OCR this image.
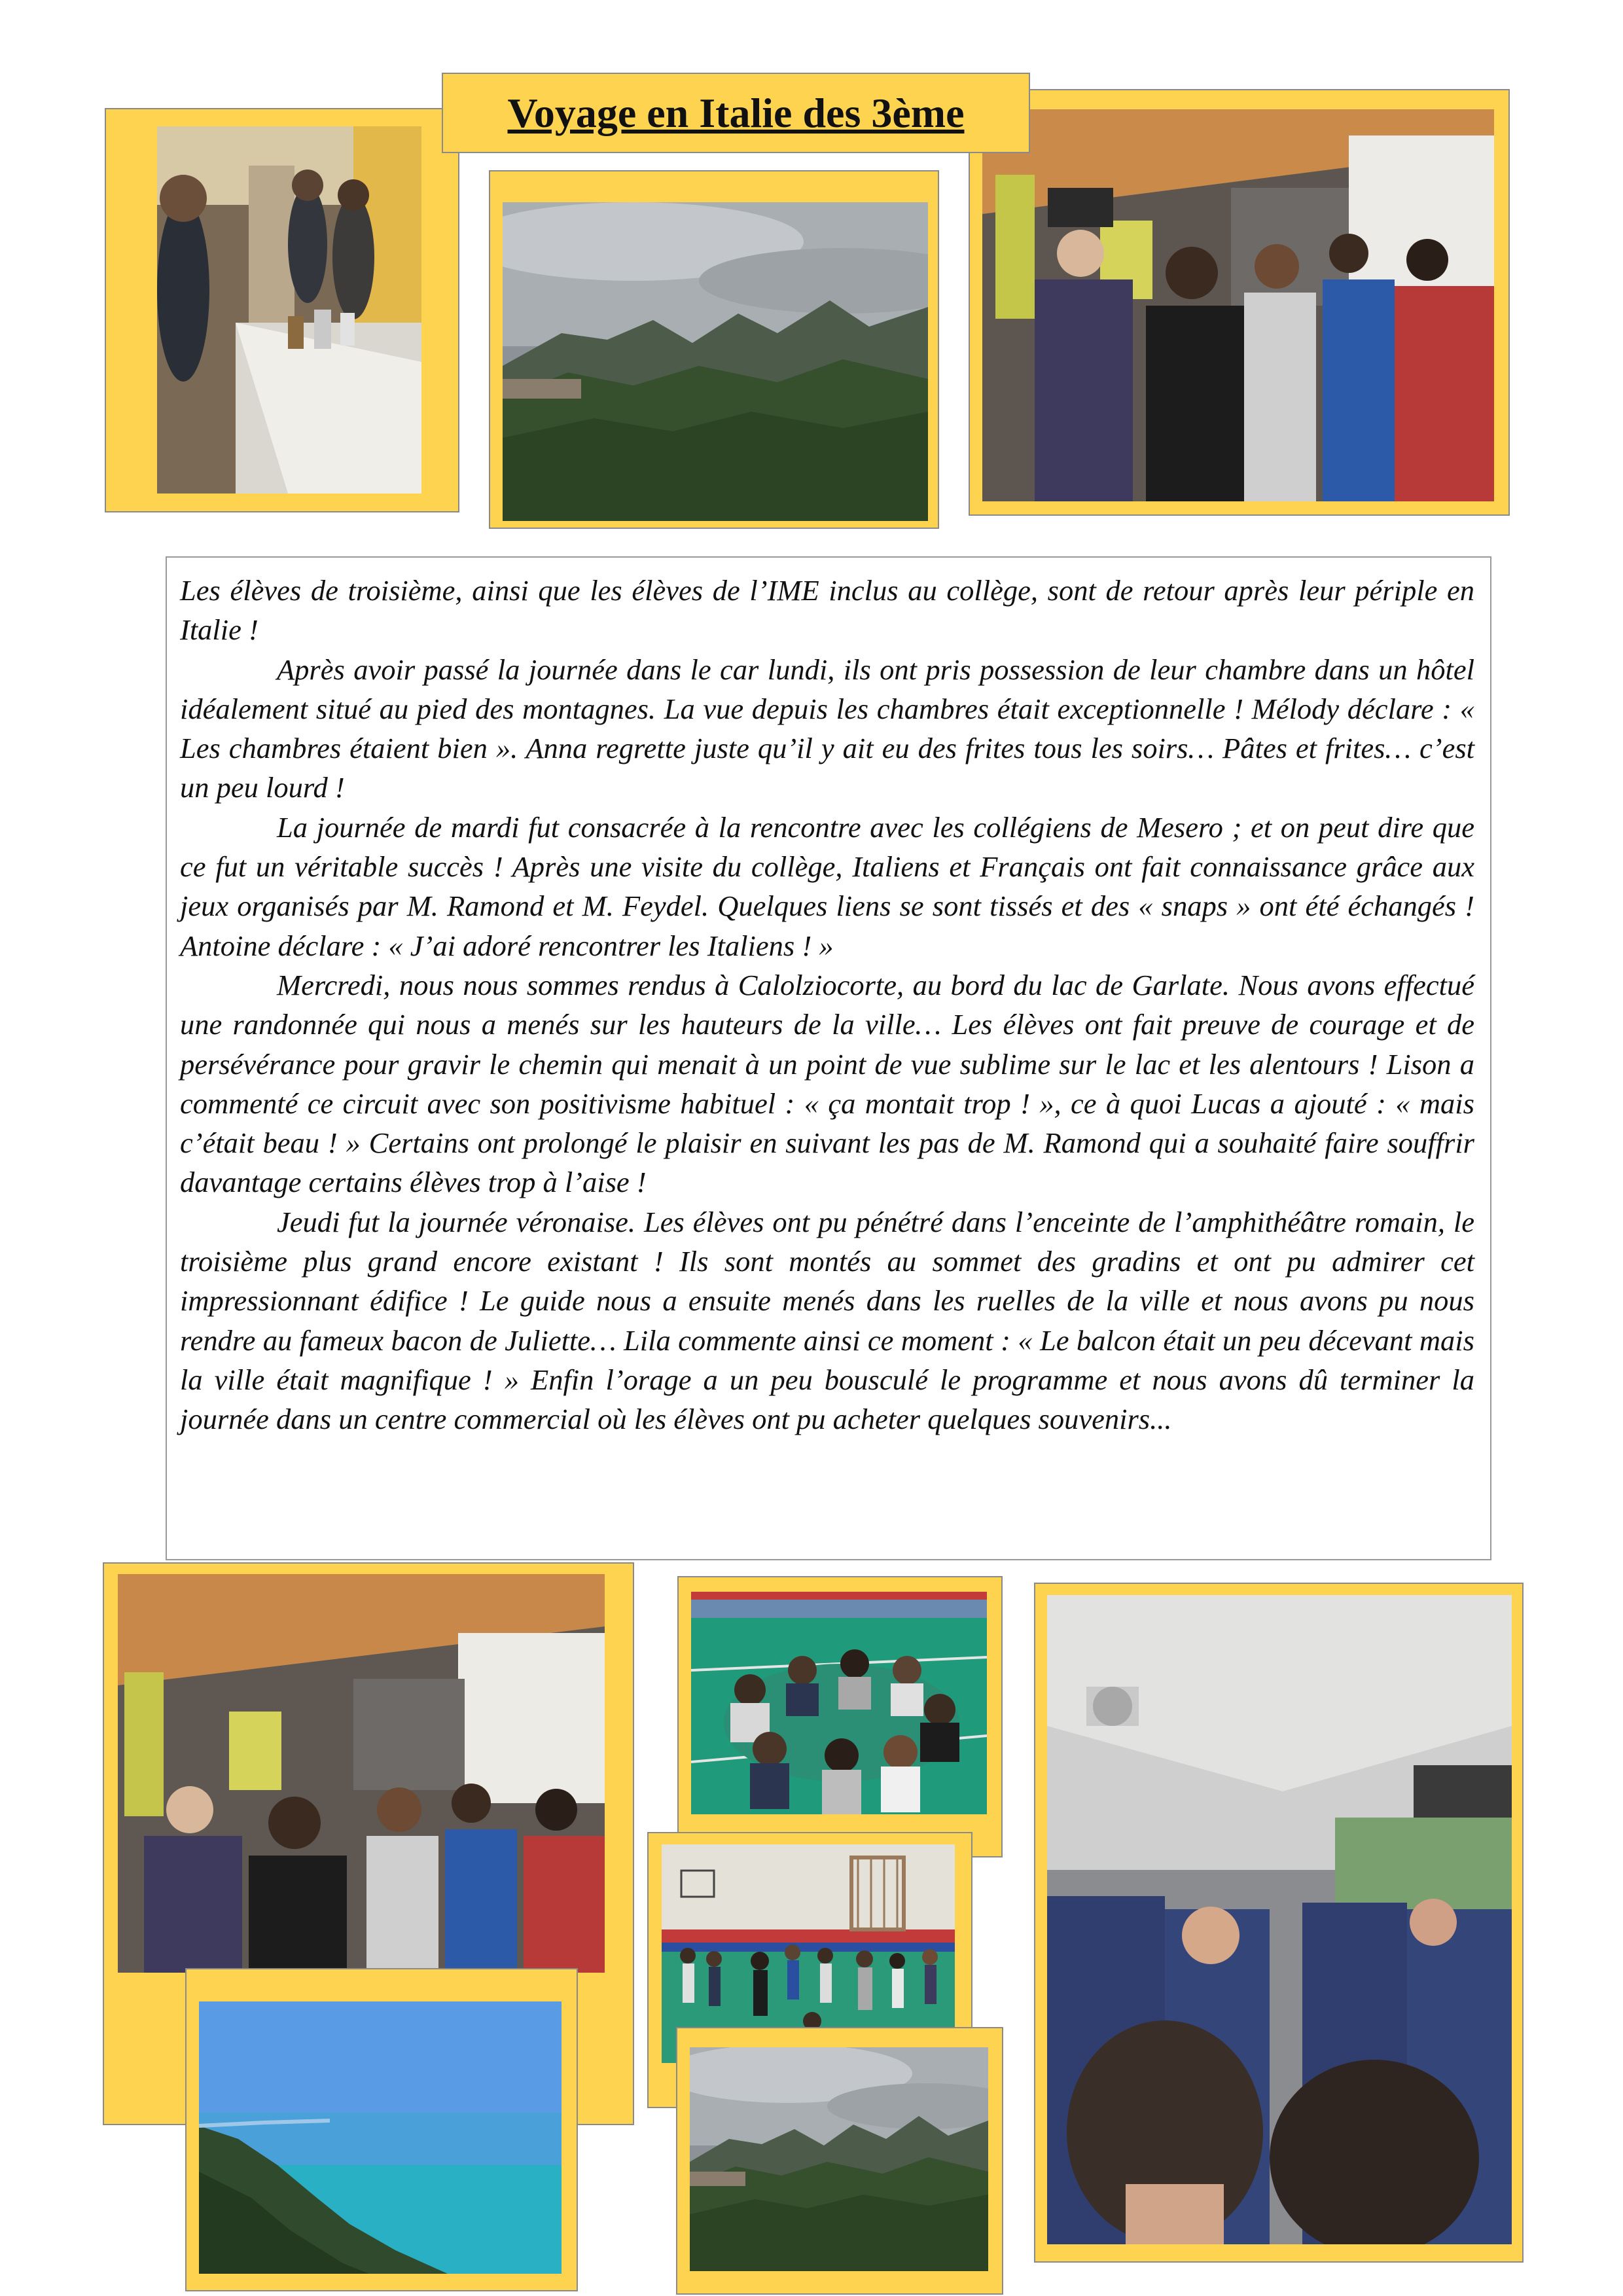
Voyage en Italie des 3ème

Les élèves de troisième, ainsi que les élèves de l’IME inclus au collège, sont de retour après leur périple en Italie !

Après avoir passé la journée dans le car lundi, ils ont pris possession de leur chambre dans un hôtel idéalement situé au pied des montagnes. La vue depuis les chambres était exceptionnelle ! Mélody déclare : « Les chambres étaient bien ». Anna regrette juste qu’il y ait eu des frites tous les soirs… Pâtes et frites… c’est un peu lourd !

La journée de mardi fut consacrée à la rencontre avec les collégiens de Mesero ; et on peut dire que ce fut un véritable succès ! Après une visite du collège, Italiens et Français ont fait connaissance grâce aux jeux organisés par M. Ramond et M. Feydel. Quelques liens se sont tissés et des « snaps » ont été échangés ! Antoine déclare : « J’ai adoré rencontrer les Italiens ! »

Mercredi, nous nous sommes rendus à Calolziocorte, au bord du lac de Garlate. Nous avons effectué une randonnée qui nous a menés sur les hauteurs de la ville… Les élèves ont fait preuve de courage et de persévérance pour gravir le chemin qui menait à un point de vue sublime sur le lac et les alentours ! Lison a commenté ce circuit avec son positivisme habituel : « ça montait trop ! », ce à quoi Lucas a ajouté : « mais c’était beau ! » Certains ont prolongé le plaisir en suivant les pas de M. Ramond qui a souhaité faire souffrir davantage certains élèves trop à l’aise !

Jeudi fut la journée véronaise. Les élèves ont pu pénétré dans l’enceinte de l’amphithéâtre romain, le troisième plus grand encore existant ! Ils sont montés au sommet des gradins et ont pu admirer cet impressionnant édifice ! Le guide nous a ensuite menés dans les ruelles de la ville et nous avons pu nous rendre au fameux bacon de Juliette… Lila commente ainsi ce moment : « Le balcon était un peu décevant mais la ville était magnifique ! » Enfin l’orage a un peu bousculé le programme et nous avons dû terminer la journée dans un centre commercial où les élèves ont pu acheter quelques souvenirs...
